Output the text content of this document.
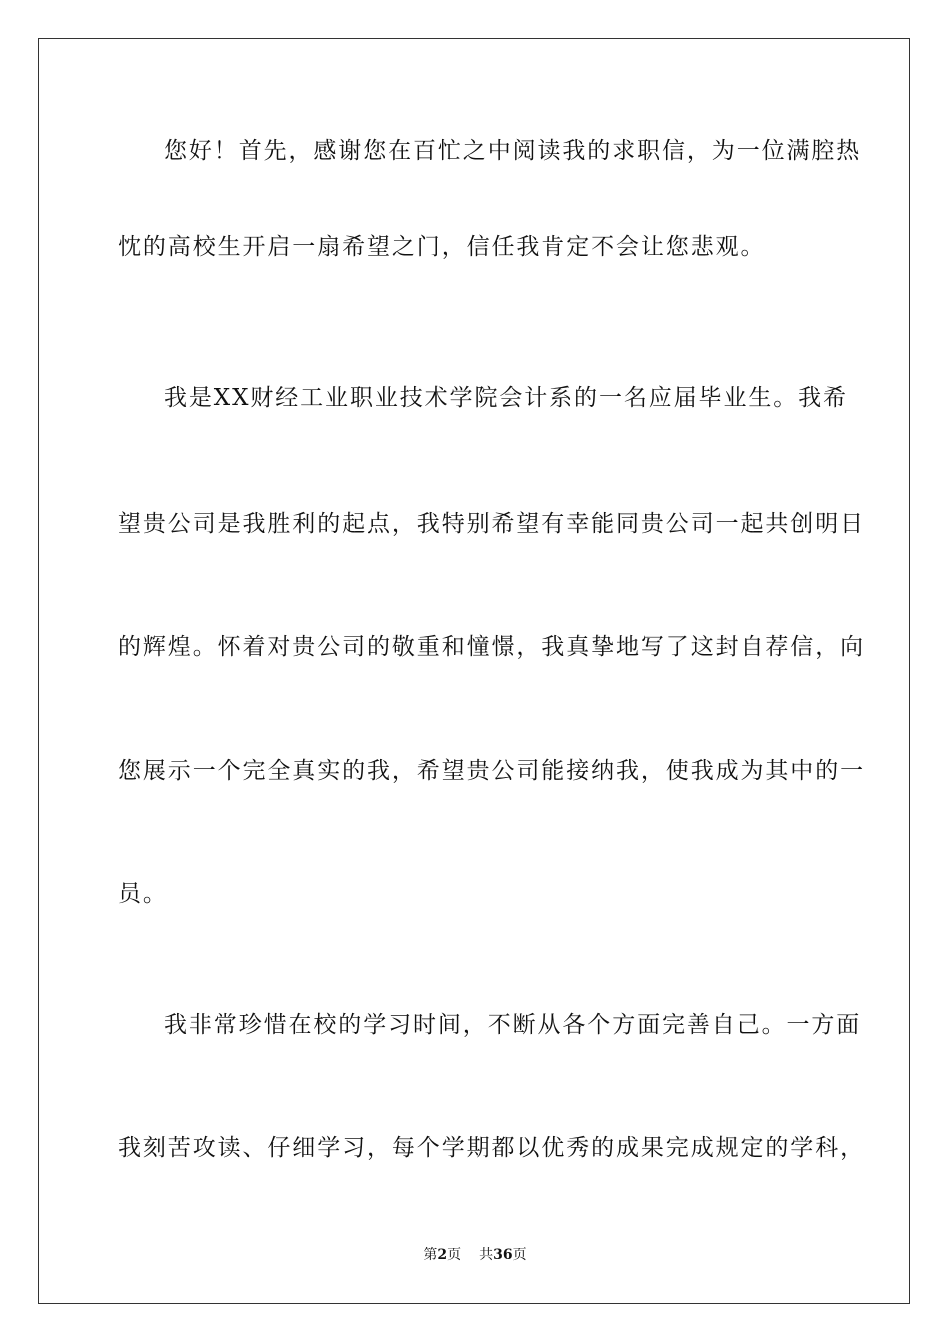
您好！首先，感谢您在百忙之中阅读我的求职信，为一位满腔热
忱的高校生开启一扇希望之门，信任我肯定不会让您悲观。
我是XX财经工业职业技术学院会计系的一名应届毕业生。我希
望贵公司是我胜利的起点，我特别希望有幸能同贵公司一起共创明日
的辉煌。怀着对贵公司的敬重和憧憬，我真挚地写了这封自荐信，向
您展示一个完全真实的我，希望贵公司能接纳我，使我成为其中的一
员。
我非常珍惜在校的学习时间，不断从各个方面完善自己。一方面
我刻苦攻读、仔细学习，每个学期都以优秀的成果完成规定的学科，
第2页 共36页
